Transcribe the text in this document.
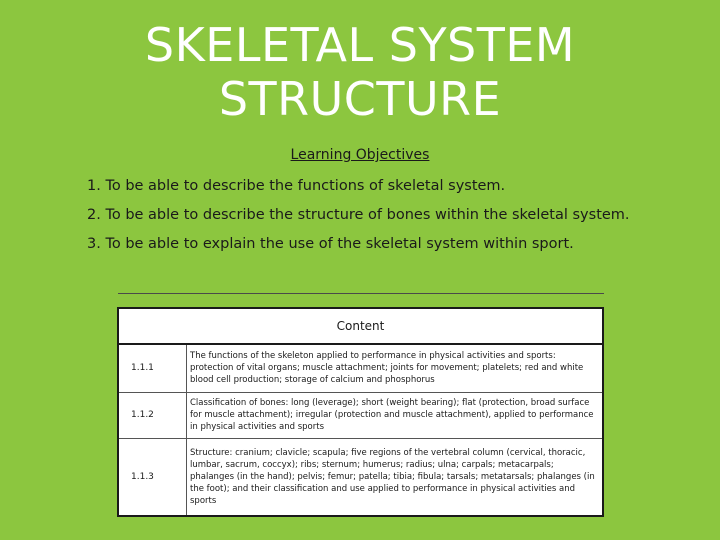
SKELETAL SYSTEM
STRUCTURE
Learning Objectives
1. To be able to describe the functions of skeletal system.
2. To be able to describe the structure of bones within the skeletal system.
3. To be able to explain the use of the skeletal system within sport.
Content	
1.1.1	The functions of the skeleton applied to performance in physical activities and sports: protection of vital organs; muscle attachment; joints for movement; platelets; red and white blood cell production; storage of calcium and phosphorus
1.1.2	Classification of bones: long (leverage); short (weight bearing); flat (protection, broad surface for muscle attachment); irregular (protection and muscle attachment), applied to performance in physical activities and sports
1.1.3	Structure: cranium; clavicle; scapula; five regions of the vertebral column (cervical, thoracic, lumbar, sacrum, coccyx); ribs; sternum; humerus; radius; ulna; carpals; metacarpals; phalanges (in the hand); pelvis; femur; patella; tibia; fibula; tarsals; metatarsals; phalanges (in the foot); and their classification and use applied to performance in physical activities and sports
